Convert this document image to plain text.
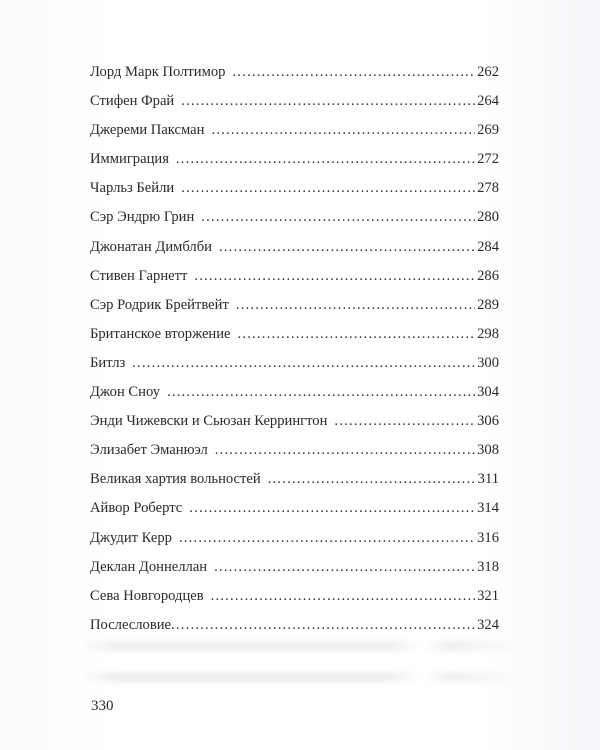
Лорд Марк Полтимор .....	262
Стифен Фрай .....	264
Джереми Паксман .....	269
Иммиграция .....	272
Чарльз Бейли .....	278
Сэр Эндрю Грин .....	280
Джонатан Димблби .....	284
Стивен Гарнетт .....	286
Сэр Родрик Брейтвейт .....	289
Британское вторжение .....	298
Битлз .....	300
Джон Сноу .....	304
Энди Чижевски и Сьюзан Керрингтон .....	306
Элизабет Эманюэл .....	308
Великая хартия вольностей .....	311
Айвор Робертс .....	314
Джудит Керр .....	316
Деклан Доннеллан .....	318
Сева Новгородцев .....	321
Послесловие .....	324
330
